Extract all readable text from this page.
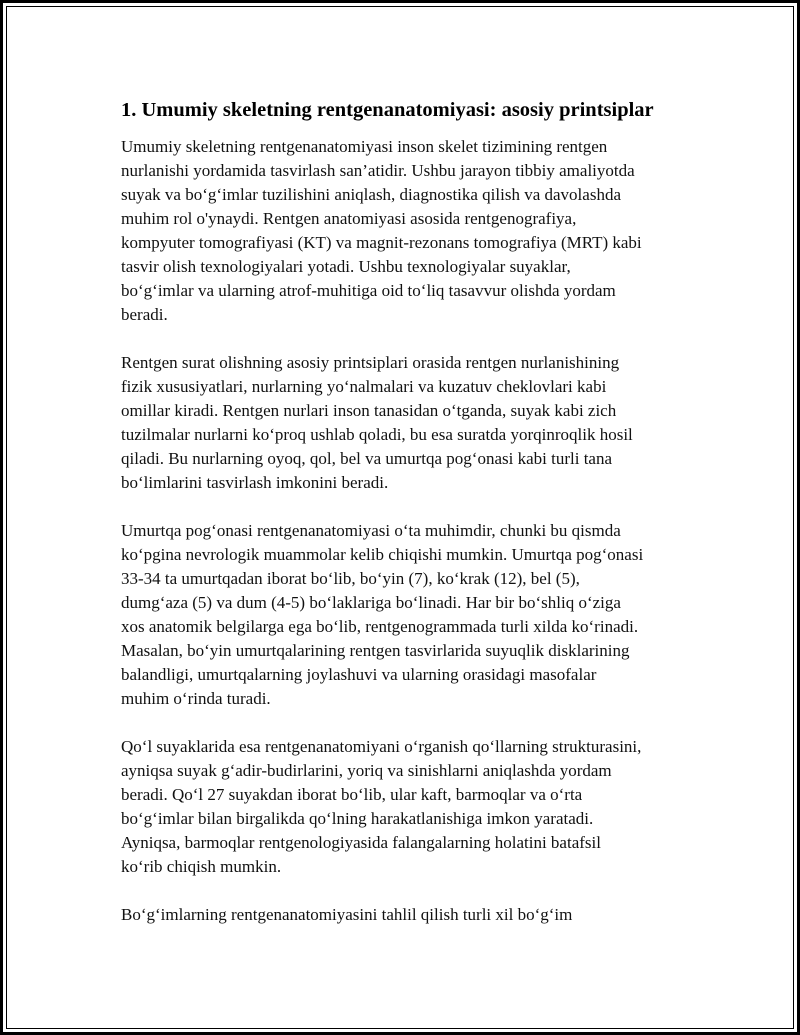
1. Umumiy skeletning rentgenanatomiyasi: asosiy printsiplar

Umumiy skeletning rentgenanatomiyasi inson skelet tizimining rentgen
nurlanishi yordamida tasvirlash san’atidir. Ushbu jarayon tibbiy amaliyotda
suyak va bo‘g‘imlar tuzilishini aniqlash, diagnostika qilish va davolashda
muhim rol o'ynaydi. Rentgen anatomiyasi asosida rentgenografiya,
kompyuter tomografiyasi (KT) va magnit-rezonans tomografiya (MRT) kabi
tasvir olish texnologiyalari yotadi. Ushbu texnologiyalar suyaklar,
bo‘g‘imlar va ularning atrof-muhitiga oid to‘liq tasavvur olishda yordam
beradi.

Rentgen surat olishning asosiy printsiplari orasida rentgen nurlanishining
fizik xususiyatlari, nurlarning yo‘nalmalari va kuzatuv cheklovlari kabi
omillar kiradi. Rentgen nurlari inson tanasidan o‘tganda, suyak kabi zich
tuzilmalar nurlarni ko‘proq ushlab qoladi, bu esa suratda yorqinroqlik hosil
qiladi. Bu nurlarning oyoq, qol, bel va umurtqa pog‘onasi kabi turli tana
bo‘limlarini tasvirlash imkonini beradi.

Umurtqa pog‘onasi rentgenanatomiyasi o‘ta muhimdir, chunki bu qismda
ko‘pgina nevrologik muammolar kelib chiqishi mumkin. Umurtqa pog‘onasi
33-34 ta umurtqadan iborat bo‘lib, bo‘yin (7), ko‘krak (12), bel (5),
dumg‘aza (5) va dum (4-5) bo‘laklariga bo‘linadi. Har bir bo‘shliq o‘ziga
xos anatomik belgilarga ega bo‘lib, rentgenogrammada turli xilda ko‘rinadi.
Masalan, bo‘yin umurtqalarining rentgen tasvirlarida suyuqlik disklarining
balandligi, umurtqalarning joylashuvi va ularning orasidagi masofalar
muhim o‘rinda turadi.

Qo‘l suyaklarida esa rentgenanatomiyani o‘rganish qo‘llarning strukturasini,
ayniqsa suyak g‘adir-budirlarini, yoriq va sinishlarni aniqlashda yordam
beradi. Qo‘l 27 suyakdan iborat bo‘lib, ular kaft, barmoqlar va o‘rta
bo‘g‘imlar bilan birgalikda qo‘lning harakatlanishiga imkon yaratadi.
Ayniqsa, barmoqlar rentgenologiyasida falangalarning holatini batafsil
ko‘rib chiqish mumkin.

Bo‘g‘imlarning rentgenanatomiyasini tahlil qilish turli xil bo‘g‘im
